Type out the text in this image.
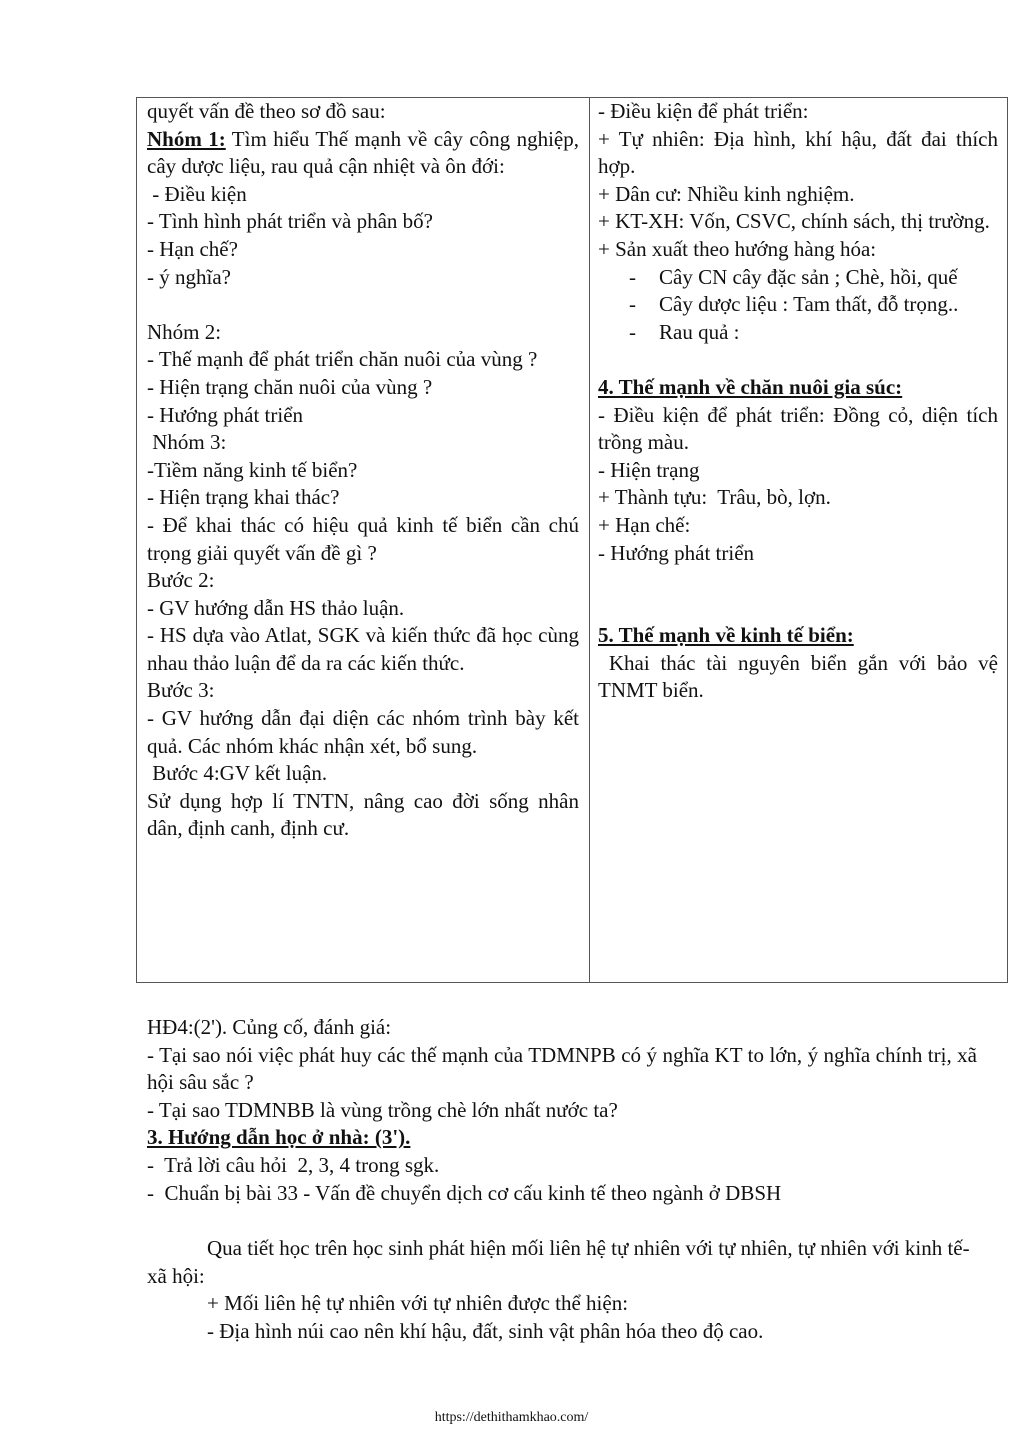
quyết vấn đề theo sơ đồ sau:
Nhóm 1: Tìm hiểu Thế mạnh về cây công nghiệp, cây dược liệu, rau quả cận nhiệt và ôn đới:
- Điều kiện
- Tình hình phát triển và phân bố?
- Hạn chế?
- ý nghĩa?
Nhóm 2:
- Thế mạnh để phát triển chăn nuôi của vùng ?
- Hiện trạng chăn nuôi của vùng ?
- Hướng phát triển
Nhóm 3:
-Tiềm năng kinh tế biển?
- Hiện trạng khai thác?
- Để khai thác có hiệu quả kinh tế biển cần chú trọng giải quyết vấn đề gì ?
Bước 2:
- GV hướng dẫn HS thảo luận.
- HS dựa vào Atlat, SGK và kiến thức đã học cùng nhau thảo luận để da ra các kiến thức.
Bước 3:
- GV hướng dẫn đại diện các nhóm trình bày kết quả. Các nhóm khác nhận xét, bổ sung.
Bước 4:GV kết luận.
Sử dụng hợp lí TNTN, nâng cao đời sống nhân dân, định canh, định cư.
- Điều kiện để phát triển:
+ Tự nhiên: Địa hình, khí hậu, đất đai thích hợp.
+ Dân cư: Nhiều kinh nghiệm.
+ KT-XH: Vốn, CSVC, chính sách, thị trường.
+ Sản xuất theo hướng hàng hóa:
- Cây CN cây đặc sản ; Chè, hồi, quế
- Cây dược liệu : Tam thất, đỗ trọng..
- Rau quả :
4. Thế mạnh về chăn nuôi gia súc:
- Điều kiện để phát triển: Đồng cỏ, diện tích trồng màu.
- Hiện trạng
+ Thành tựu:  Trâu, bò, lợn.
+ Hạn chế:
- Hướng phát triển
5. Thế mạnh về kinh tế biển:
Khai thác tài nguyên biển gắn với bảo vệ TNMT biển.
HĐ4:(2'). Củng cố, đánh giá:
- Tại sao nói việc phát huy các thế mạnh của TDMNPB có ý nghĩa KT to lớn, ý nghĩa chính trị, xã hội sâu sắc ?
- Tại sao TDMNBB là vùng trồng chè lớn nhất nước ta?
3. Hướng dẫn học ở nhà: (3').
-  Trả lời câu hỏi  2, 3, 4 trong sgk.
-  Chuẩn bị bài 33 - Vấn đề chuyển dịch cơ cấu kinh tế theo ngành ở DBSH
Qua tiết học trên học sinh phát hiện mối liên hệ tự nhiên với tự nhiên, tự nhiên với kinh tế- xã hội:
+ Mối liên hệ tự nhiên với tự nhiên được thể hiện:
- Địa hình núi cao nên khí hậu, đất, sinh vật phân hóa theo độ cao.
https://dethithamkhao.com/
